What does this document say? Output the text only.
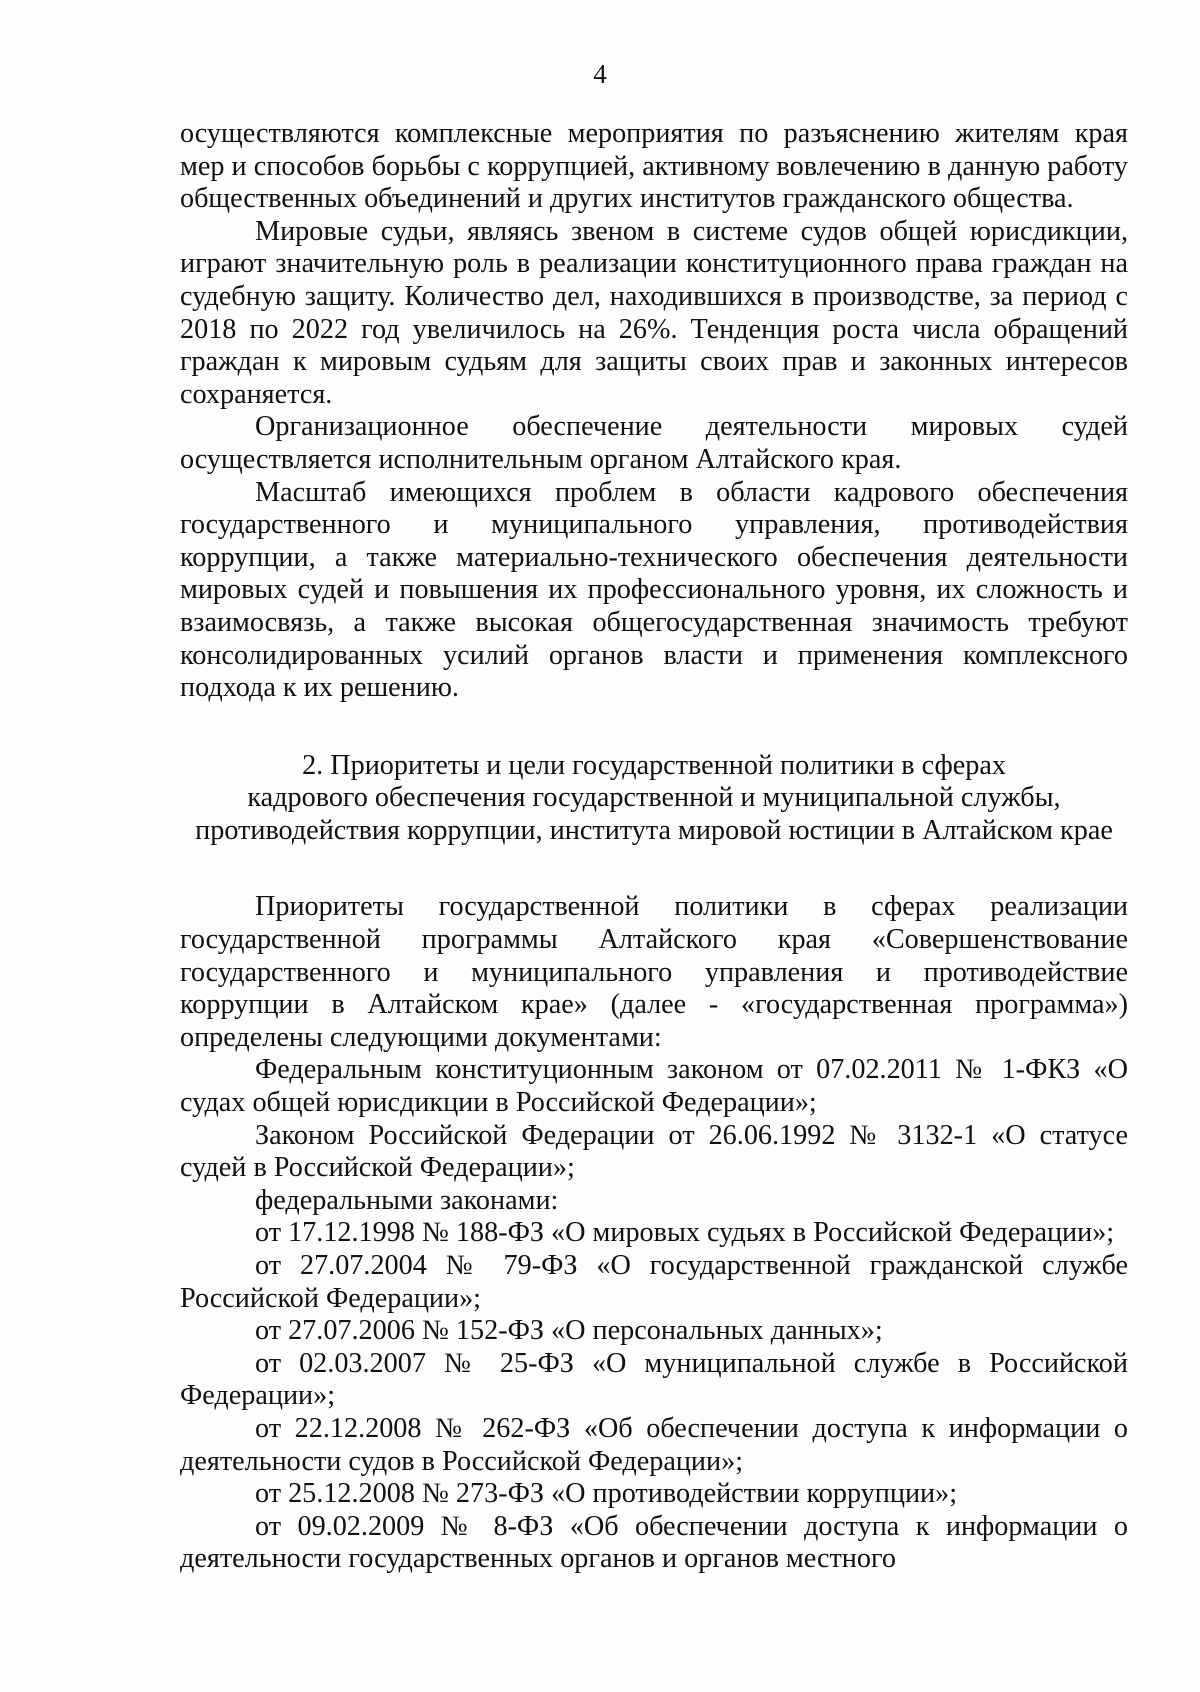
4

осуществляются комплексные мероприятия по разъяснению жителям края мер и способов борьбы с коррупцией, активному вовлечению в данную работу общественных объединений и других институтов гражданского общества.

Мировые судьи, являясь звеном в системе судов общей юрисдикции, играют значительную роль в реализации конституционного права граждан на судебную защиту. Количество дел, находившихся в производстве, за период с 2018 по 2022 год увеличилось на 26%. Тенденция роста числа обращений граждан к мировым судьям для защиты своих прав и законных интересов сохраняется.

Организационное обеспечение деятельности мировых судей осуществляется исполнительным органом Алтайского края.

Масштаб имеющихся проблем в области кадрового обеспечения государственного и муниципального управления, противодействия коррупции, а также материально-технического обеспечения деятельности мировых судей и повышения их профессионального уровня, их сложность и взаимосвязь, а также высокая общегосударственная значимость требуют консолидированных усилий органов власти и применения комплексного подхода к их решению.

2. Приоритеты и цели государственной политики в сферах
кадрового обеспечения государственной и муниципальной службы,
противодействия коррупции, института мировой юстиции в Алтайском крае

Приоритеты государственной политики в сферах реализации государственной программы Алтайского края «Совершенствование государственного и муниципального управления и противодействие коррупции в Алтайском крае» (далее - «государственная программа») определены следующими документами:

Федеральным конституционным законом от 07.02.2011 № 1-ФКЗ «О судах общей юрисдикции в Российской Федерации»;

Законом Российской Федерации от 26.06.1992 № 3132-1 «О статусе судей в Российской Федерации»;

федеральными законами:

от 17.12.1998 № 188-ФЗ «О мировых судьях в Российской Федерации»;

от 27.07.2004 № 79-ФЗ «О государственной гражданской службе Российской Федерации»;

от 27.07.2006 № 152-ФЗ «О персональных данных»;

от 02.03.2007 № 25-ФЗ «О муниципальной службе в Российской Федерации»;

от 22.12.2008 № 262-ФЗ «Об обеспечении доступа к информации о деятельности судов в Российской Федерации»;

от 25.12.2008 № 273-ФЗ «О противодействии коррупции»;

от 09.02.2009 № 8-ФЗ «Об обеспечении доступа к информации о деятельности государственных органов и органов местного
